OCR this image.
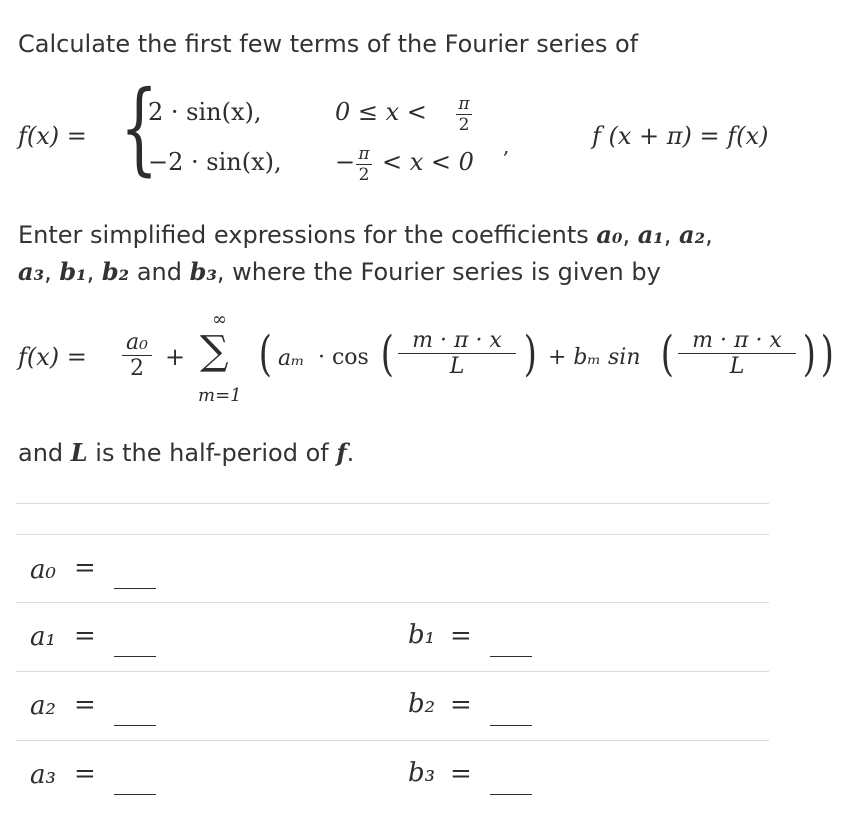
Calculate the first few terms of the Fourier series of
f(x) = {
2 · sin(x),	0 ≤ x < π
2
−2 · sin(x), − π
2 < x < 0
,	f (x + π) = f(x)
Enter simplified expressions for the coefficients a₀, a₁, a₂,
a₃, b₁, b₂ and b₃, where the Fourier series is given by
f(x) =
a₀
2 +
∞
∑
m=1
( aₘ · cos ( m · π · x
L ) + bₘ sin ( m · π · x
L ) )
and L is the half-period of f.
a₀ =
a₁ =	b₁ =
a₂ =	b₂ =
a₃ =	b₃ =
